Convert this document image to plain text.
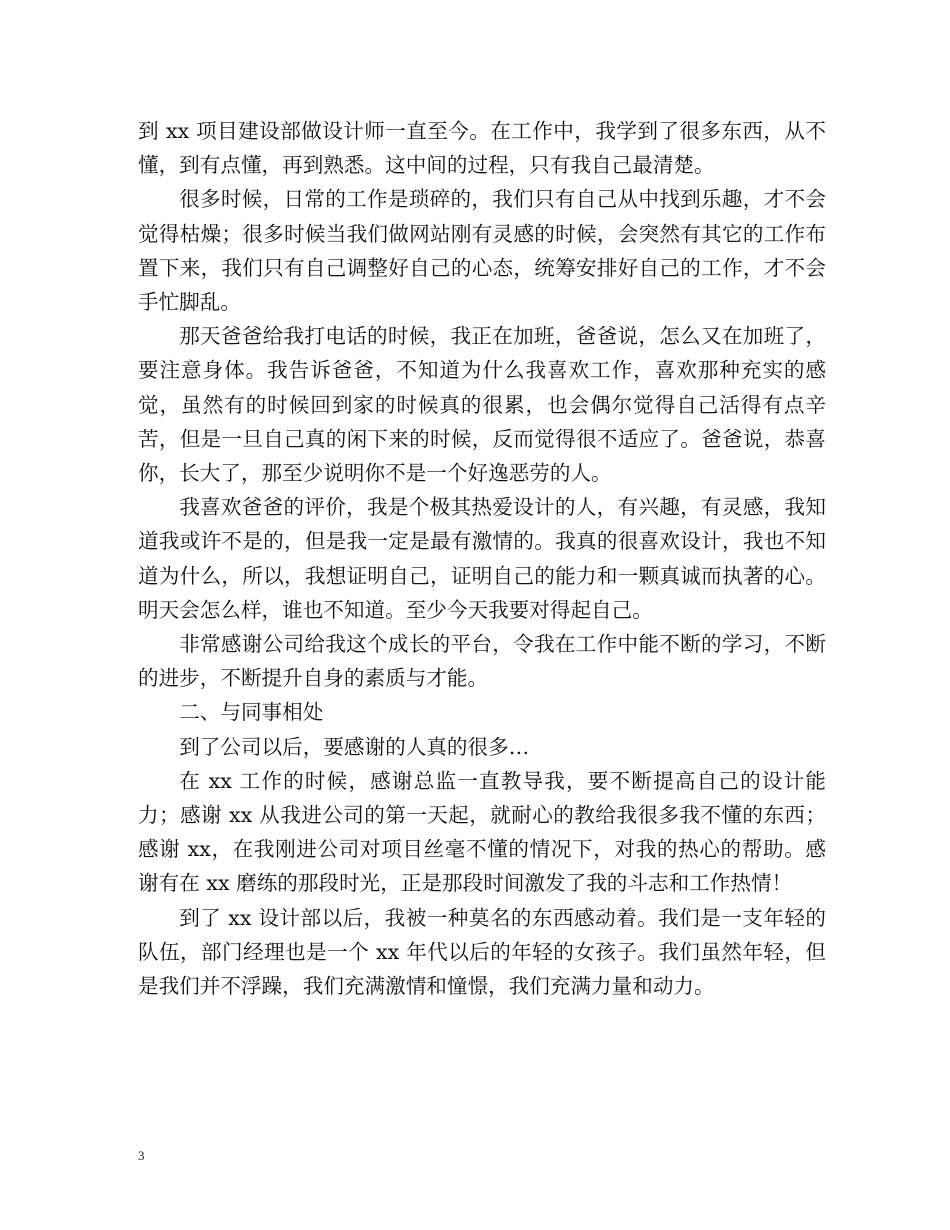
到 xx 项目建设部做设计师一直至今。在工作中，我学到了很多东西，从不懂，到有点懂，再到熟悉。这中间的过程，只有我自己最清楚。

很多时候，日常的工作是琐碎的，我们只有自己从中找到乐趣，才不会觉得枯燥；很多时候当我们做网站刚有灵感的时候，会突然有其它的工作布置下来，我们只有自己调整好自己的心态，统筹安排好自己的工作，才不会手忙脚乱。

那天爸爸给我打电话的时候，我正在加班，爸爸说，怎么又在加班了，要注意身体。我告诉爸爸，不知道为什么我喜欢工作，喜欢那种充实的感觉，虽然有的时候回到家的时候真的很累，也会偶尔觉得自己活得有点辛苦，但是一旦自己真的闲下来的时候，反而觉得很不适应了。爸爸说，恭喜你，长大了，那至少说明你不是一个好逸恶劳的人。

我喜欢爸爸的评价，我是个极其热爱设计的人，有兴趣，有灵感，我知道我或许不是的，但是我一定是最有激情的。我真的很喜欢设计，我也不知道为什么，所以，我想证明自己，证明自己的能力和一颗真诚而执著的心。明天会怎么样，谁也不知道。至少今天我要对得起自己。

非常感谢公司给我这个成长的平台，令我在工作中能不断的学习，不断的进步，不断提升自身的素质与才能。

二、与同事相处

到了公司以后，要感谢的人真的很多…

在 xx 工作的时候，感谢总监一直教导我，要不断提高自己的设计能力；感谢 xx 从我进公司的第一天起，就耐心的教给我很多我不懂的东西；感谢 xx，在我刚进公司对项目丝毫不懂的情况下，对我的热心的帮助。感谢有在 xx 磨练的那段时光，正是那段时间激发了我的斗志和工作热情！

到了 xx 设计部以后，我被一种莫名的东西感动着。我们是一支年轻的队伍，部门经理也是一个 xx 年代以后的年轻的女孩子。我们虽然年轻，但是我们并不浮躁，我们充满激情和憧憬，我们充满力量和动力。

3
